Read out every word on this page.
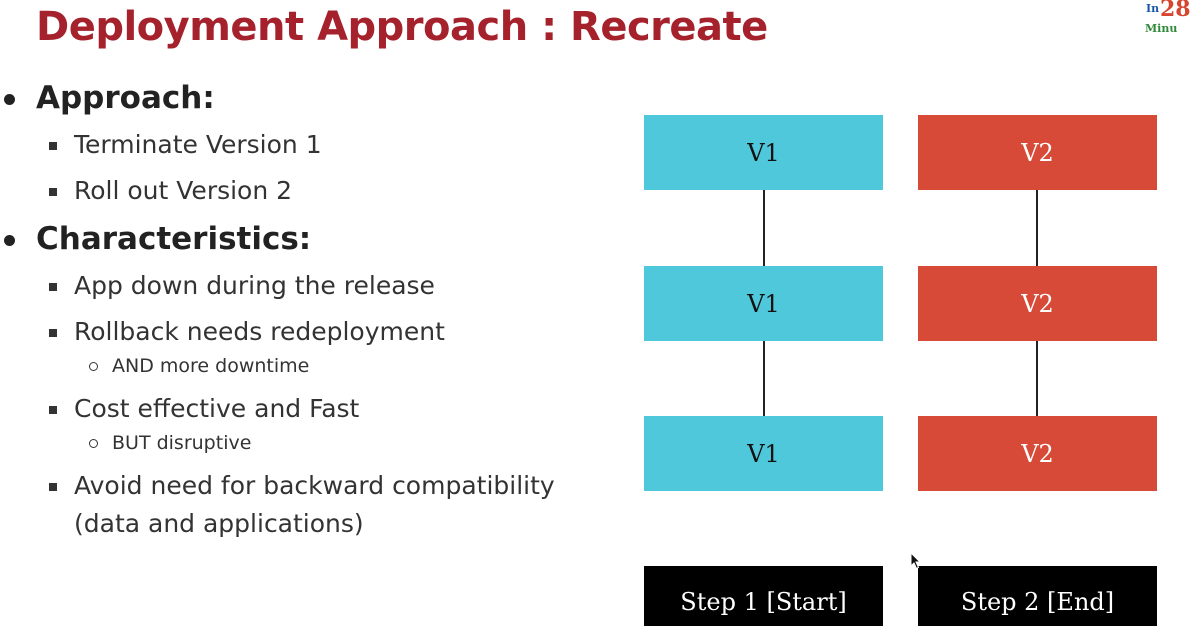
Deployment Approach : Recreate	In 28
Minu
Approach:
Terminate Version 1
Roll out Version 2
Characteristics:
App down during the release
Rollback needs redeployment
AND more downtime
Cost effective and Fast
BUT disruptive
Avoid need for backward compatibility
(data and applications)
V1
V1
V1
V2
V2
V2
Step 1 [Start]	Step 2 [End]
